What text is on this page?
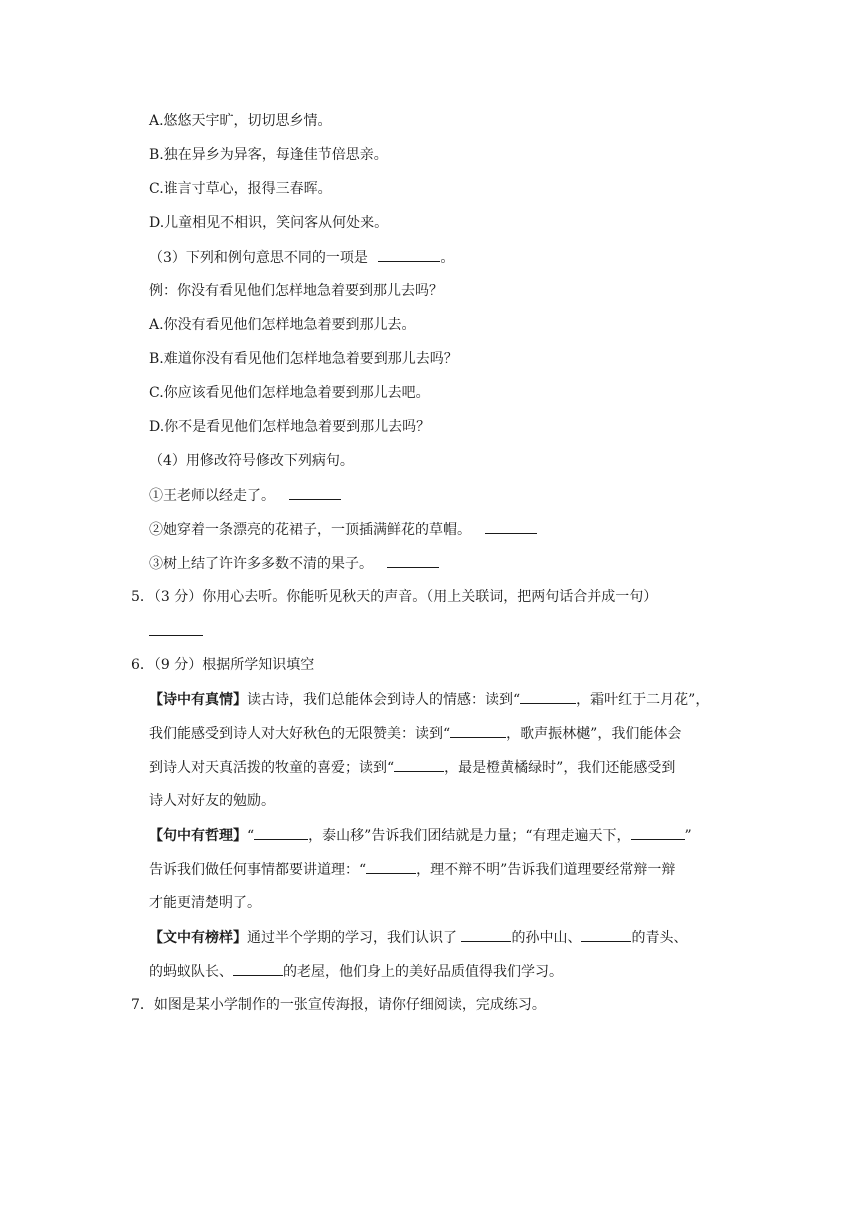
A.悠悠天宇旷，切切思乡情。
B.独在异乡为异客，每逢佳节倍思亲。
C.谁言寸草心，报得三春晖。
D.儿童相见不相识，笑问客从何处来。
（3）下列和例句意思不同的一项是	。
例：你没有看见他们怎样地急着要到那儿去吗？
A.你没有看见他们怎样地急着要到那儿去。
B.难道你没有看见他们怎样地急着要到那儿去吗？
C.你应该看见他们怎样地急着要到那儿去吧。
D.你不是看见他们怎样地急着要到那儿去吗？
（4）用修改符号修改下列病句。
①王老师以经走了。
②她穿着一条漂亮的花裙子，一顶插满鲜花的草帽。
③树上结了许许多多数不清的果子。
5．（3 分）你用心去听。你能听见秋天的声音。（用上关联词，把两句话合并成一句）
6．（9 分）根据所学知识填空
【诗中有真情】读古诗，我们总能体会到诗人的情感：读到“	，霜叶红于二月花”，
我们能感受到诗人对大好秋色的无限赞美：读到“	，歌声振林樾”，我们能体会
到诗人对天真活拨的牧童的喜爱；读到“	，最是橙黄橘绿时”，我们还能感受到
诗人对好友的勉励。
【句中有哲理】“	，泰山移”告诉我们团结就是力量；“有理走遍天下，	”
告诉我们做任何事情都要讲道理：“	，理不辩不明”告诉我们道理要经常辩一辩
才能更清楚明了。
【文中有榜样】通过半个学期的学习，我们认识了	的孙中山、	的青头、
的蚂蚁队长、	的老屋，他们身上的美好品质值得我们学习。
7．如图是某小学制作的一张宣传海报，请你仔细阅读，完成练习。
